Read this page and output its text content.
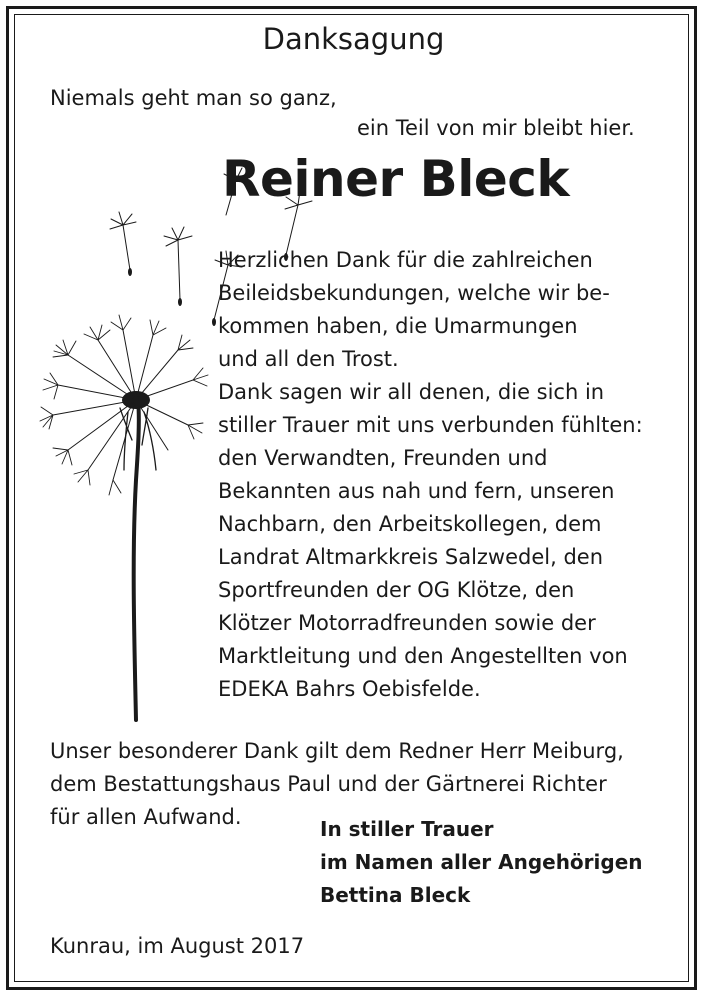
Danksagung
Niemals geht man so ganz,
ein Teil von mir bleibt hier.
Reiner Bleck
Herzlichen Dank für die zahlreichen
Beileidsbekundungen, welche wir be-
kommen haben, die Umarmungen
und all den Trost.
Dank sagen wir all denen, die sich in
stiller Trauer mit uns verbunden fühlten:
den Verwandten, Freunden und
Bekannten aus nah und fern, unseren
Nachbarn, den Arbeitskollegen, dem
Landrat Altmarkkreis Salzwedel, den
Sportfreunden der OG Klötze, den
Klötzer Motorradfreunden sowie der
Marktleitung und den Angestellten von
EDEKA Bahrs Oebisfelde.
Unser besonderer Dank gilt dem Redner Herr Meiburg,
dem Bestattungshaus Paul und der Gärtnerei Richter
für allen Aufwand.	In stiller Trauer
im Namen aller Angehörigen
Bettina Bleck
Kunrau, im August 2017
